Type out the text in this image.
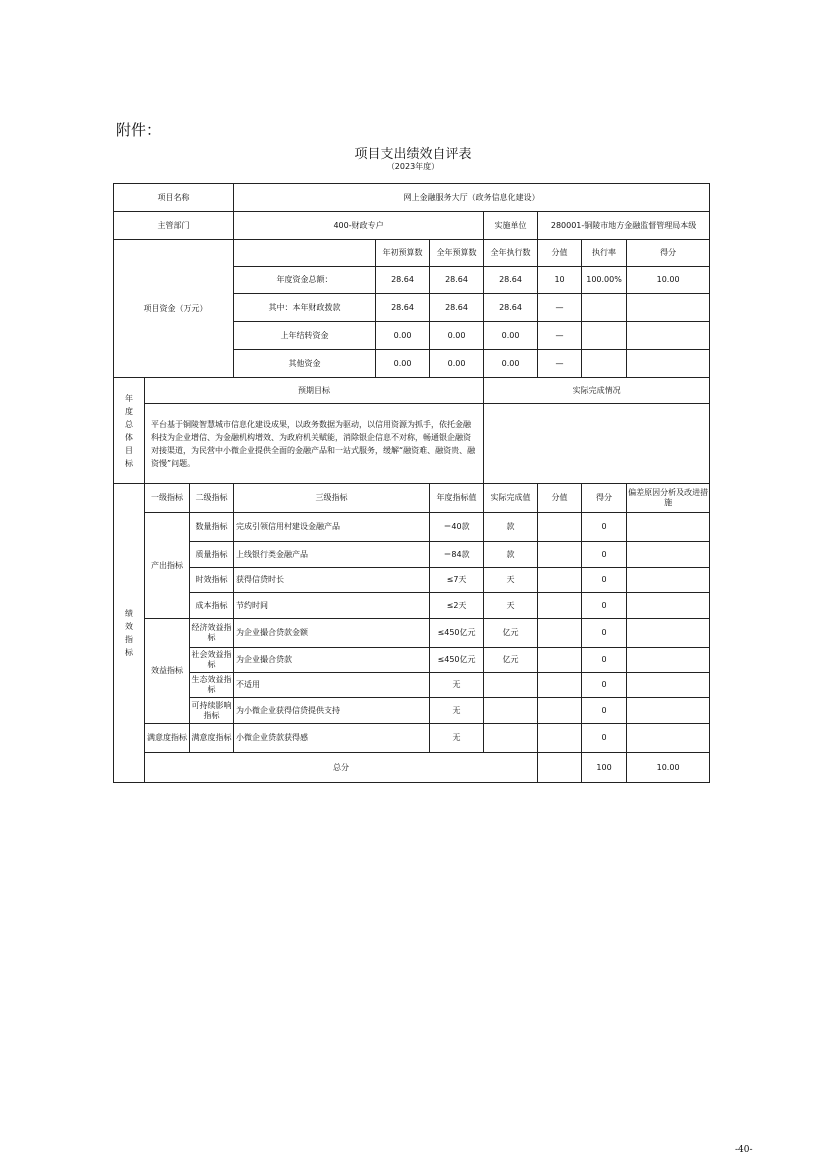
附件：
项目支出绩效自评表
（2023年度）
项目名称			网上金融服务大厅（政务信息化建设）							
主管部门			400-财政专户			实施单位	280001-铜陵市地方金融监督管理局本级			
项目资金（万元）				年初预算数	全年预算数	全年执行数	分值	执行率	得分	
			年度资金总额：	28.64	28.64	28.64	10	100.00%	10.00	
			其中：本年财政拨款	28.64	28.64	28.64	—			
			上年结转资金	0.00	0.00	0.00	—			
			其他资金	0.00	0.00	0.00	—			
年度总体目标	预期目标					实际完成情况				
	平台基于铜陵智慧城市信息化建设成果，以政务数据为驱动，以信用资源为抓手，依托金融科技为企业增信、为金融机构增效、为政府机关赋能，消除银企信息不对称，畅通银企融资对接渠道，为民营中小微企业提供全面的金融产品和一站式服务，缓解“融资难、融资贵、融资慢”问题。									
绩效指标	一级指标	二级指标	三级指标		年度指标值	实际完成值	分值	得分	偏差原因分析及改进措施	
	产出指标	数量指标	完成引领信用村建设金融产品		＝40款	款		0		
		质量指标	上线银行类金融产品		＝84款	款		0		
		时效指标	获得信贷时长		≤7天	天		0		
		成本指标	节约时间		≤2天	天		0		
	效益指标	经济效益指标	为企业撮合贷款金额		≤450亿元	亿元		0		
		社会效益指标	为企业撮合贷款		≤450亿元	亿元		0		
		生态效益指标	不适用		无			0		
		可持续影响指标	为小微企业获得信贷提供支持		无			0		
	满意度指标	满意度指标	小微企业贷款获得感		无			0		
	总分							100	10.00	
-40-
